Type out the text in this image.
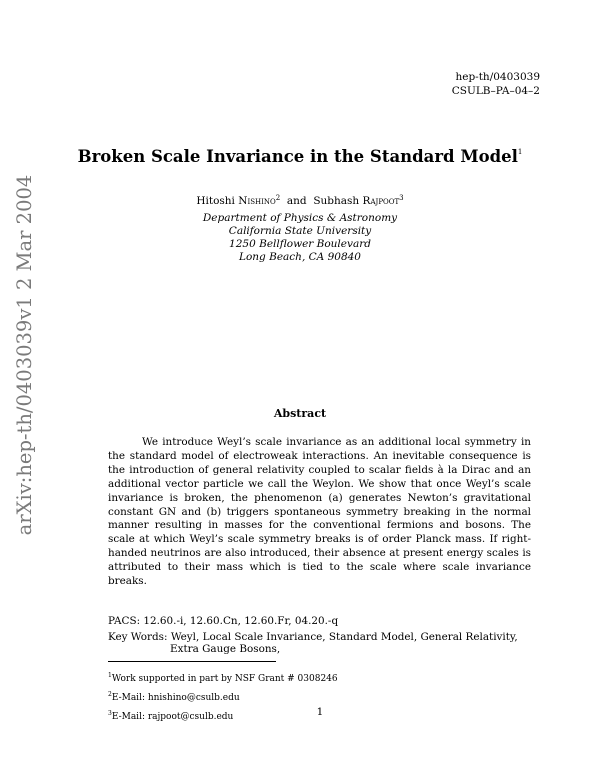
arXiv:hep-th/0403039v1 2 Mar 2004
hep-th/0403039
CSULB–PA–04–2
Broken Scale Invariance in the Standard Model$^1$
Hitoshi Nishino$^2$ and Subhash Rajpoot$^3$
Department of Physics & Astronomy
California State University
1250 Bellflower Boulevard
Long Beach, CA 90840
Abstract

We introduce Weyl’s scale invariance as an additional local symmetry in the standard model of electroweak interactions. An inevitable consequence is the introduction of general relativity coupled to scalar fields à la Dirac and an additional vector particle we call the Weylon. We show that once Weyl’s scale invariance is broken, the phenomenon (a) generates Newton’s gravitational constant GN and (b) triggers spontaneous symmetry breaking in the normal manner resulting in masses for the conventional fermions and bosons. The scale at which Weyl’s scale symmetry breaks is of order Planck mass. If right-handed neutrinos are also introduced, their absence at present energy scales is attributed to their mass which is tied to the scale where scale invariance breaks.

PACS: 12.60.-i, 12.60.Cn, 12.60.Fr, 04.20.-q
Key Words: Weyl, Local Scale Invariance, Standard Model, General Relativity,
Extra Gauge Bosons,
$^1$Work supported in part by NSF Grant # 0308246
$^2$E-Mail: hnishino@csulb.edu
$^3$E-Mail: rajpoot@csulb.edu	1
